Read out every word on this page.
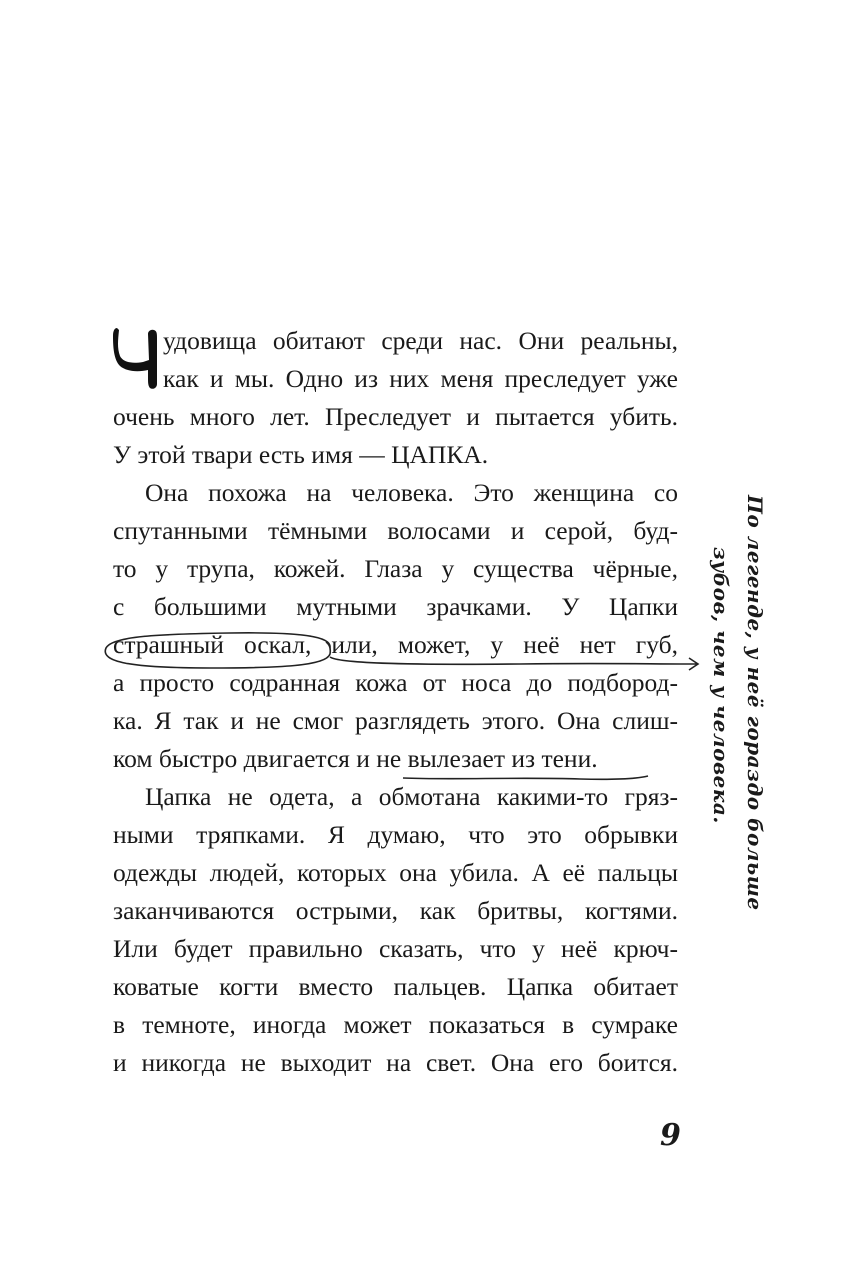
удовища обитают среди нас. Они реальны,
как и мы. Одно из них меня преследует уже
очень много лет. Преследует и пытается убить.
У этой твари есть имя — ЦАПКА.
Она похожа на человека. Это женщина со
спутанными тёмными волосами и серой, буд-
то у трупа, кожей. Глаза у существа чёрные,
с большими мутными зрачками. У Цапки
страшный оскал, или, может, у неё нет губ,
а просто содранная кожа от носа до подбород-
ка. Я так и не смог разглядеть этого. Она слиш-
ком быстро двигается и не вылезает из тени.
Цапка не одета, а обмотана какими-то гряз-
ными тряпками. Я думаю, что это обрывки
одежды людей, которых она убила. А её пальцы
заканчиваются острыми, как бритвы, когтями.
Или будет правильно сказать, что у неё крюч-
коватые когти вместо пальцев. Цапка обитает
в темноте, иногда может показаться в сумраке
и никогда не выходит на свет. Она его боится.
По легенде, у неё гораздо больше
зубов, чем у человека.
9
